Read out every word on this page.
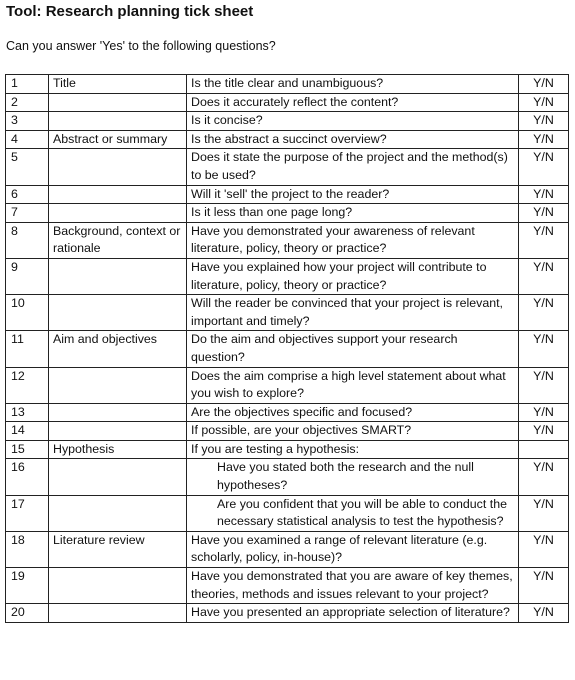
Tool: Research planning tick sheet
Can you answer 'Yes' to the following questions?
1	Title	Is the title clear and unambiguous?	Y/N
2		Does it accurately reflect the content?	Y/N
3		Is it concise?	Y/N
4	Abstract or summary	Is the abstract a succinct overview?	Y/N
5		Does it state the purpose of the project and the method(s) to be used?	Y/N
6		Will it 'sell' the project to the reader?	Y/N
7		Is it less than one page long?	Y/N
8	Background, context or rationale	Have you demonstrated your awareness of relevant literature, policy, theory or practice?	Y/N
9		Have you explained how your project will contribute to literature, policy, theory or practice?	Y/N
10		Will the reader be convinced that your project is relevant, important and timely?	Y/N
11	Aim and objectives	Do the aim and objectives support your research question?	Y/N
12		Does the aim comprise a high level statement about what you wish to explore?	Y/N
13		Are the objectives specific and focused?	Y/N
14		If possible, are your objectives SMART?	Y/N
15	Hypothesis	If you are testing a hypothesis:	
16		Have you stated both the research and the null hypotheses?	Y/N
17		Are you confident that you will be able to conduct the necessary statistical analysis to test the hypothesis?	Y/N
18	Literature review	Have you examined a range of relevant literature (e.g. scholarly, policy, in-house)?	Y/N
19		Have you demonstrated that you are aware of key themes, theories, methods and issues relevant to your project?	Y/N
20		Have you presented an appropriate selection of literature?	Y/N
